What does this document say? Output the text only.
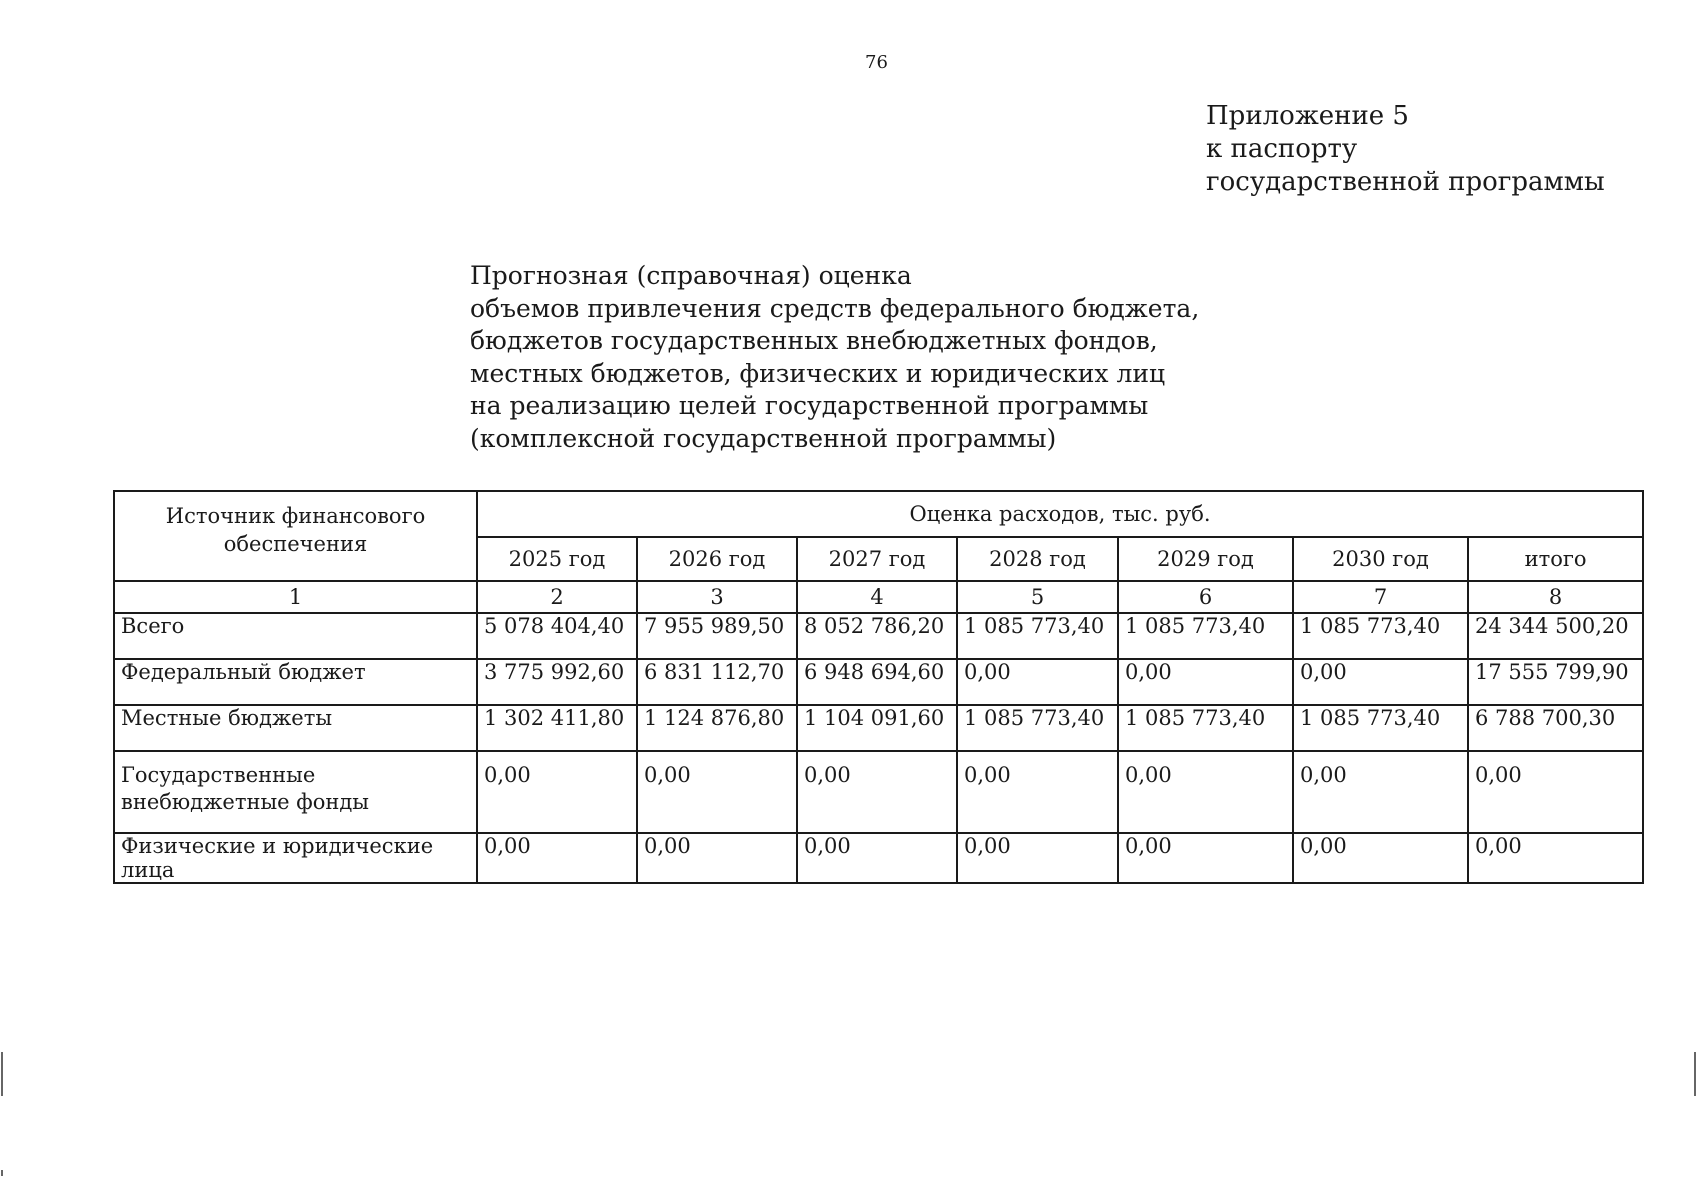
76
Приложение 5
к паспорту
государственной программы
Прогнозная (справочная) оценка
объемов привлечения средств федерального бюджета,
бюджетов государственных внебюджетных фондов,
местных бюджетов, физических и юридических лиц
на реализацию целей государственной программы
(комплексной государственной программы)
Источник финансового обеспечения	Оценка расходов, тыс. руб.						
	2025 год	2026 год	2027 год	2028 год	2029 год	2030 год	итого
1	2	3	4	5	6	7	8
Всего	5 078 404,40	7 955 989,50	8 052 786,20	1 085 773,40	1 085 773,40	1 085 773,40	24 344 500,20
Федеральный бюджет	3 775 992,60	6 831 112,70	6 948 694,60	0,00	0,00	0,00	17 555 799,90
Местные бюджеты	1 302 411,80	1 124 876,80	1 104 091,60	1 085 773,40	1 085 773,40	1 085 773,40	6 788 700,30
Государственные внебюджетные фонды	0,00	0,00	0,00	0,00	0,00	0,00	0,00
Физические и юридические лица	0,00	0,00	0,00	0,00	0,00	0,00	0,00
